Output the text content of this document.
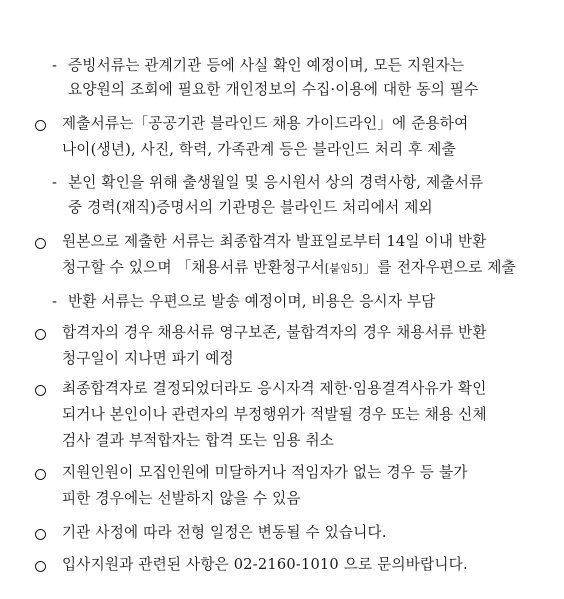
- 증빙서류는 관계기관 등에 사실 확인 예정이며, 모든 지원자는
요양원의 조회에 필요한 개인정보의 수집·이용에 대한 동의 필수
제출서류는「공공기관 블라인드 채용 가이드라인」에 준용하여
나이(생년), 사진, 학력, 가족관계 등은 블라인드 처리 후 제출
- 본인 확인을 위해 출생월일 및 응시원서 상의 경력사항, 제출서류
중 경력(재직)증명서의 기관명은 블라인드 처리에서 제외
원본으로 제출한 서류는 최종합격자 발표일로부터 14일 이내 반환
청구할 수 있으며 「채용서류 반환청구서[붙임5]」를 전자우편으로 제출
- 반환 서류는 우편으로 발송 예정이며, 비용은 응시자 부담
합격자의 경우 채용서류 영구보존, 불합격자의 경우 채용서류 반환
청구일이 지나면 파기 예정
최종합격자로 결정되었더라도 응시자격 제한·임용결격사유가 확인
되거나 본인이나 관련자의 부정행위가 적발될 경우 또는 채용 신체
검사 결과 부적합자는 합격 또는 임용 취소
지원인원이 모집인원에 미달하거나 적임자가 없는 경우 등 불가
피한 경우에는 선발하지 않을 수 있음
기관 사정에 따라 전형 일정은 변동될 수 있습니다.
입사지원과 관련된 사항은 02-2160-1010 으로 문의바랍니다.
